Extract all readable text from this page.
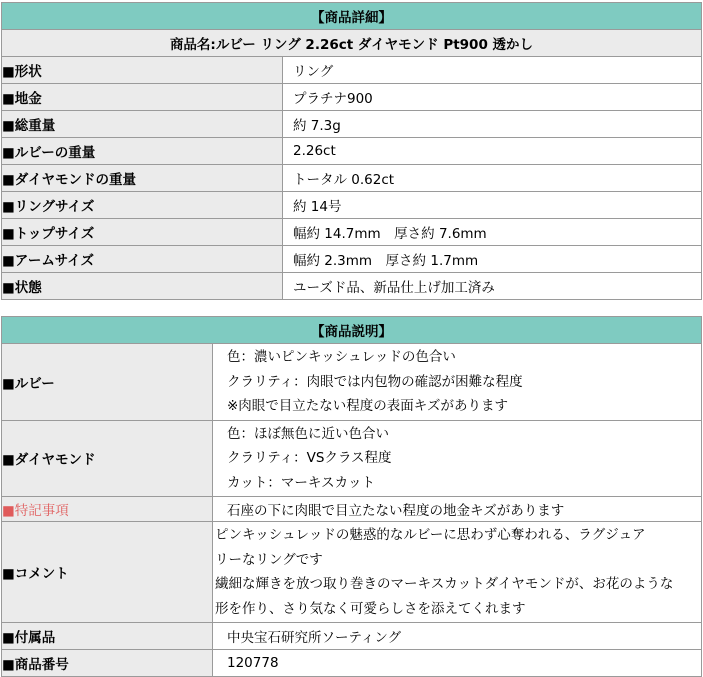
【商品詳細】	
商品名:ルビー リング 2.26ct ダイヤモンド Pt900 透かし	
■形状	リング
■地金	プラチナ900
■総重量	約 7.3g
■ルビーの重量	2.26ct
■ダイヤモンドの重量	トータル 0.62ct
■リングサイズ	約 14号
■トップサイズ	幅約 14.7mm　厚さ約 7.6mm
■アームサイズ	幅約 2.3mm　厚さ約 1.7mm
■状態	ユーズド品、新品仕上げ加工済み
【商品説明】	
■ルビー	色：濃いピンキッシュレッドの色合い
クラリティ：肉眼では内包物の確認が困難な程度
※肉眼で目立たない程度の表面キズがあります

■ダイヤモンド	色：ほぼ無色に近い色合い
クラリティ：VSクラス程度
カット：マーキスカット

■特記事項	石座の下に肉眼で目立たない程度の地金キズがあります
■コメント	ピンキッシュレッドの魅惑的なルビーに思わず心奪われる、ラグジュア
リーなリングです
繊細な輝きを放つ取り巻きのマーキスカットダイヤモンドが、お花のような
形を作り、さり気なく可愛らしさを添えてくれます

■付属品	中央宝石研究所ソーティング
■商品番号	120778
